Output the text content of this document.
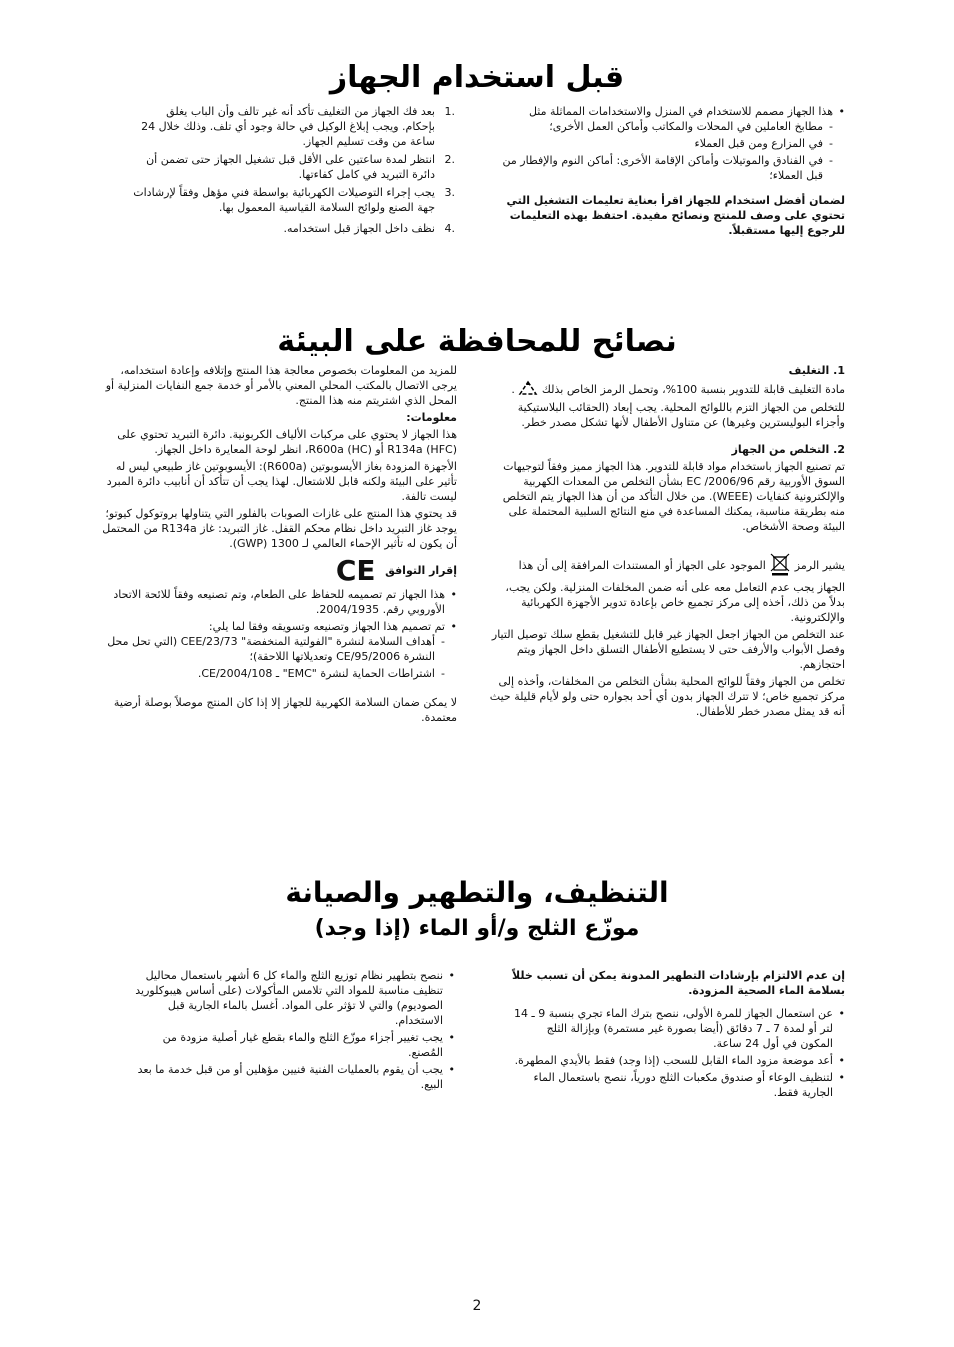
قبل استخدام الجهاز
• هذا الجهاز مصمم للاستخدام في المنزل والاستخدامات المماثلة مثل
- مطابخ العاملين في المحلات والمكاتب وأماكن العمل الأخرى؛
- في المزارع ومن قبل العملاء
- في الفنادق والموتيلات وأماكن الإقامة الأخرى: أماكن النوم والإفطار من قبل العملاء؛

لضمان أفضل استخدام للجهاز اقرأ بعناية تعليمات التشغيل التي تحتوي على وصف للمنتج ونصائح مفيدة. احتفظ بهذه التعليمات للرجوع إليها مستقبلاً.

1.
بعد فك الجهاز من التغليف تأكد أنه غير تالف وأن الباب يغلق بإحكام. ويجب إبلاغ الوكيل في حالة وجود أي تلف. وذلك خلال 24 ساعة من وقت تسليم الجهاز.
2.
انتظر لمدة ساعتين على الأقل قبل تشغيل الجهاز حتى تضمن أن دائرة التبريد في كامل كفاءتها.
3.
يجب إجراء التوصيلات الكهربائية بواسطة فني مؤهل وفقاً لإرشادات جهة الصنع ولوائح السلامة القياسية المعمول بها.
4.
نظف داخل الجهاز قبل استخدامه.
نصائح للمحافظة على البيئة

1. التغليف

مادة التغليف قابلة للتدوير بنسبة 100%، وتحمل الرمز الخاص بذلك  . للتخلص من الجهاز التزم باللوائح المحلية. يجب إبعاد (الحقائب البلاستيكية وأجزاء البوليسترين وغيرها) عن متناول الأطفال لأنها تشكل مصدر خطر.

2. التخلص من الجهاز

تم تصنيع الجهاز باستخدام مواد قابلة للتدوير. هذا الجهاز مميز وفقاً لتوجيهات السوق الأوربية رقم 2006/96/ EC بشأن التخلص من المعدات الكهربية والإلكترونية كنفايات (WEEE). من خلال التأكد من أن هذا الجهاز يتم التخلص منه بطريقة مناسبة، يمكنك المساعدة في منع النتائج السلبية المحتملة على البيئة وصحة الأشخاص.

يشير الرمز  الموجود على الجهاز أو المستندات المرافقة إلى أن هذا الجهاز يجب عدم التعامل معه على أنه ضمن المخلفات المنزلية. ولكن يجب، بدلاً من ذلك، أخذه إلى مركز تجميع خاص بإعادة تدوير الأجهزة الكهربائية والإلكترونية.

عند التخلص من الجهاز اجعل الجهاز غير قابل للتشغيل بقطع سلك توصيل التيار وفصل الأبواب والأرفف حتى لا يستطيع الأطفال التسلق داخل الجهاز ويتم احتجازهم.

تخلص من الجهاز وفقاً للوائح المحلية بشأن التخلص من المخلفات، وأخذه إلى مركز تجميع خاص؛ لا تترك الجهاز بدون أي أحد بجواره حتى ولو لأيام قليلة حيث أنه قد يمثل مصدر خطر للأطفال.

للمزيد من المعلومات بخصوص معالجة هذا المنتج وإتلافه وإعادة استخدامه، يرجى الاتصال بالمكتب المحلي المعني بالأمر أو خدمة جمع النفايات المنزلية أو المحل الذي اشتريتم منه هذا المنتج.

معلومات:

هذا الجهاز لا يحتوي على مركبات الألياف الكربونية. دائرة التبريد تحتوي على R134a (HFC) أو R600a (HC)، انظر لوحة المعايرة داخل الجهاز.

الأجهزة المزودة بغاز الأيسوبوتين (R600a): الأيسوبوتين غاز طبيعي ليس له تأثير على البيئة ولكنه قابل للاشتعال. لهذا يجب أن تتأكد أن أنابيب دائرة المبرد ليست تالفة.

قد يحتوي هذا المنتج على غازات الصوبات بالفلور التي يتناولها بروتوكول كيوتو؛ يوجد غاز التبريد داخل نظام محكم القفل. غاز التبريد: غاز R134a من المحتمل أن يكون له تأثير الإحماء العالمي لـ 1300 (GWP).

إقرار التوافق CE

• هذا الجهاز تم تصميمه للحفاظ على الطعام، وتم تصنيعه وفقاً للائحة الاتحاد الأوروبي رقم. 2004/1935.
• تم تصميم هذا الجهاز وتصنيعه وتسويقه وفقا لما يلي:
- أهداف السلامة لنشرة "الفولتية المنخفضة" CEE/23/73 (التي تحل محل النشرة 2006/CE/95 وتعديلاتها اللاحقة)؛
- اشتراطات الحماية لنشرة "EMC" ـ CE/2004/108.

لا يمكن ضمان السلامة الكهربية للجهاز إلا إذا كان المنتج موصلاً بوصلة أرضية معتمدة.

التنظيف، والتطهير والصيانة
موزّع الثلج و/أو الماء (إذا وجد)

إن عدم الالتزام بإرشادات التطهير المدونة يمكن أن تسبب خللاً بسلامة الماء الصحية المزودة.

• عن استعمال الجهاز للمرة الأولى، ننصح بترك الماء تجري بنسبة 9 ـ 14 لتر أو لمدة 7 ـ 7 دقائق (أيضا بصورة غير مستمرة) وبإزالة الثلج المكون في أول 24 ساعة.
• أعد موضعة مزود الماء القابل للسحب (إذا وجد) فقط بالأيدي المطهرة.
• لتنظيف الوعاء أو صندوق مكعبات الثلج دورياً، ننصح باستعمال الماء الجارية فقط.
• ننصح بتطهير نظام توزيع الثلج والماء كل 6 أشهر باستعمال محاليل تنظيف مناسبة للمواد التي تلامس المأكولات (على أساس هيبوكلوريد الصوديوم) والتي لا تؤثر على المواد. أغسل بالماء الجارية قبل الاستخدام.
• يجب تغيير أجزاء موزّع الثلج والماء بقطع غيار أصلية مزودة من المُصنع.
• يجب أن يقوم بالعمليات الفنية فنيين مؤهلين أو من قبل خدمة ما بعد البيع.
2
